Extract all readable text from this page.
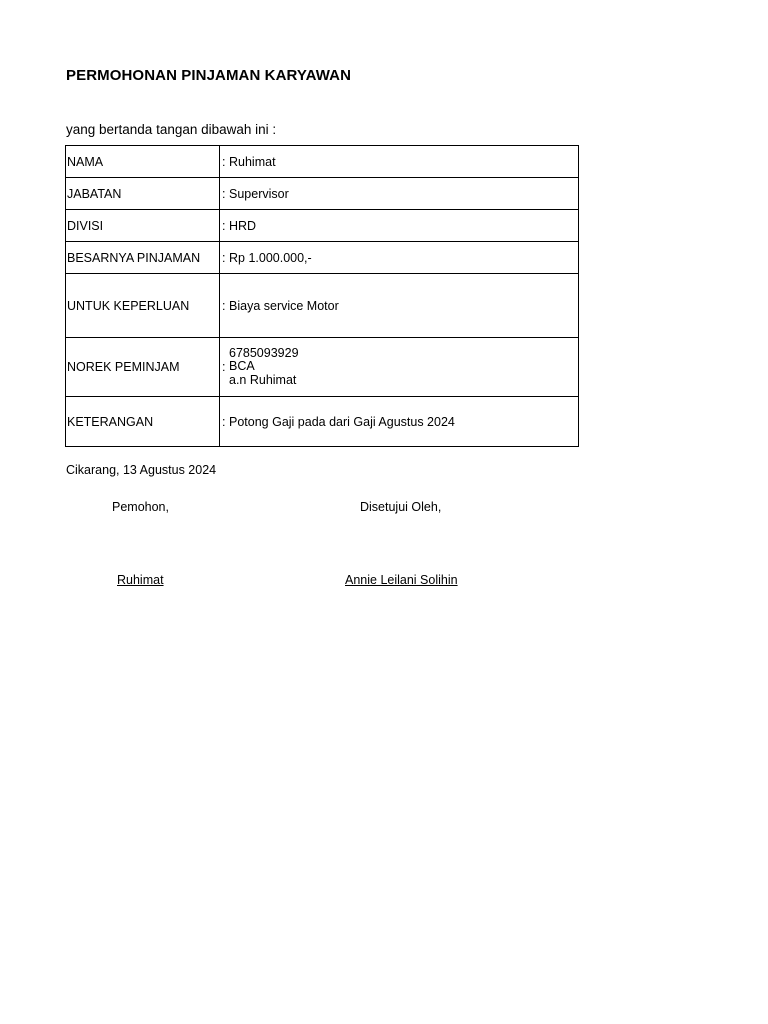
PERMOHONAN PINJAMAN KARYAWAN
yang bertanda tangan dibawah ini :
NAMA	: Ruhimat

JABATAN	: Supervisor

DIVISI	: HRD

BESARNYA PINJAMAN	: Rp 1.000.000,-

UNTUK KEPERLUAN	: Biaya service Motor

NOREK PEMINJAM	:
6785093929
BCA
a.n Ruhimat

KETERANGAN	: Potong Gaji pada dari Gaji Agustus 2024
Cikarang, 13 Agustus 2024
Pemohon,	Disetujui Oleh,
Ruhimat	Annie Leilani Solihin
